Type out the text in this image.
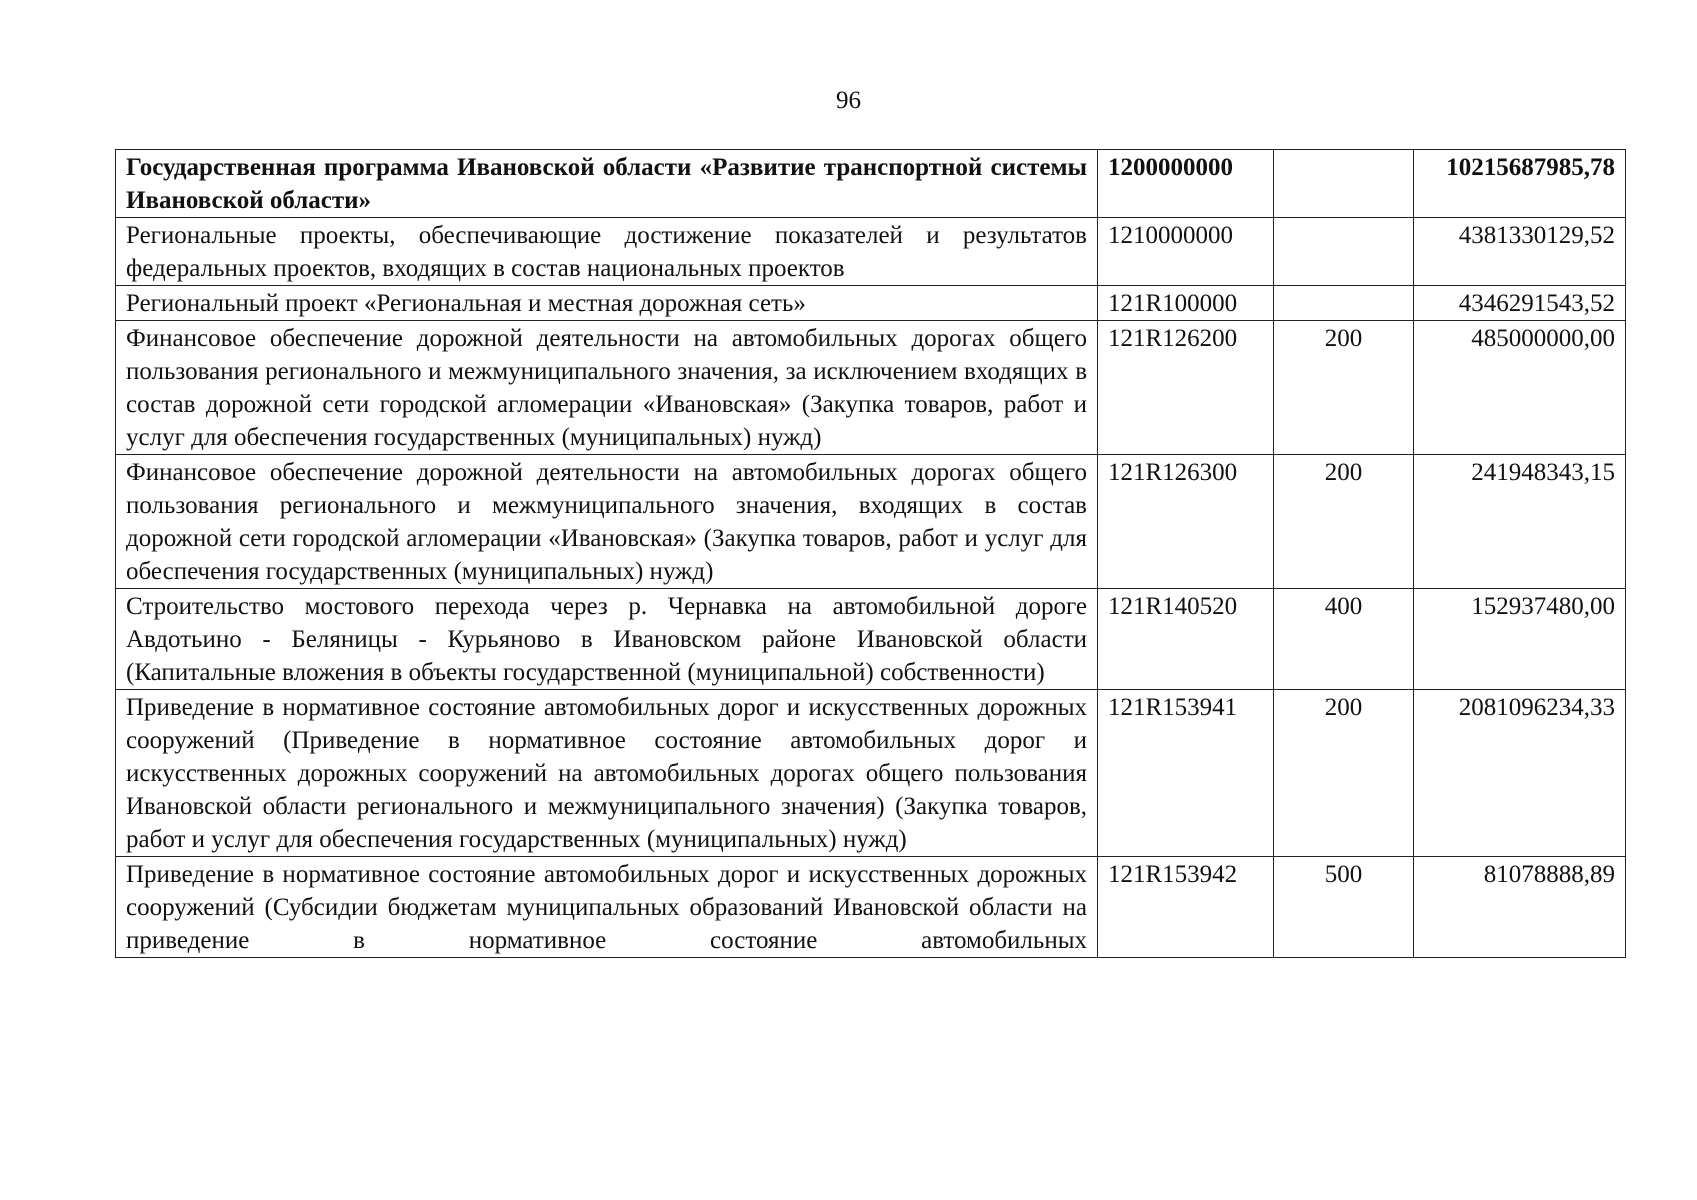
96
Государственная программа Ивановской области «Развитие транспортной системы Ивановской области»	1200000000		10215687985,78
Региональные проекты, обеспечивающие достижение показателей и результатов федеральных проектов, входящих в состав национальных проектов	1210000000		4381330129,52
Региональный проект «Региональная и местная дорожная сеть»	121R100000		4346291543,52
Финансовое обеспечение дорожной деятельности на автомобильных дорогах общего пользования регионального и межмуниципального значения, за исключением входящих в состав дорожной сети городской агломерации «Ивановская» (Закупка товаров, работ и услуг для обеспечения государственных (муниципальных) нужд)	121R126200	200	485000000,00
Финансовое обеспечение дорожной деятельности на автомобильных дорогах общего пользования регионального и межмуниципального значения, входящих в состав дорожной сети городской агломерации «Ивановская» (Закупка товаров, работ и услуг для обеспечения государственных (муниципальных) нужд)	121R126300	200	241948343,15
Строительство мостового перехода через р. Чернавка на автомобильной дороге Авдотьино - Беляницы - Курьяново в Ивановском районе Ивановской области (Капитальные вложения в объекты государственной (муниципальной) собственности)	121R140520	400	152937480,00
Приведение в нормативное состояние автомобильных дорог и искусственных дорожных сооружений (Приведение в нормативное состояние автомобильных дорог и искусственных дорожных сооружений на автомобильных дорогах общего пользования Ивановской области регионального и межмуниципального значения) (Закупка товаров, работ и услуг для обеспечения государственных (муниципальных) нужд)	121R153941	200	2081096234,33
Приведение в нормативное состояние автомобильных дорог и искусственных дорожных сооружений (Субсидии бюджетам муниципальных образований Ивановской области на приведение в нормативное состояние автомобильных	121R153942	500	81078888,89
